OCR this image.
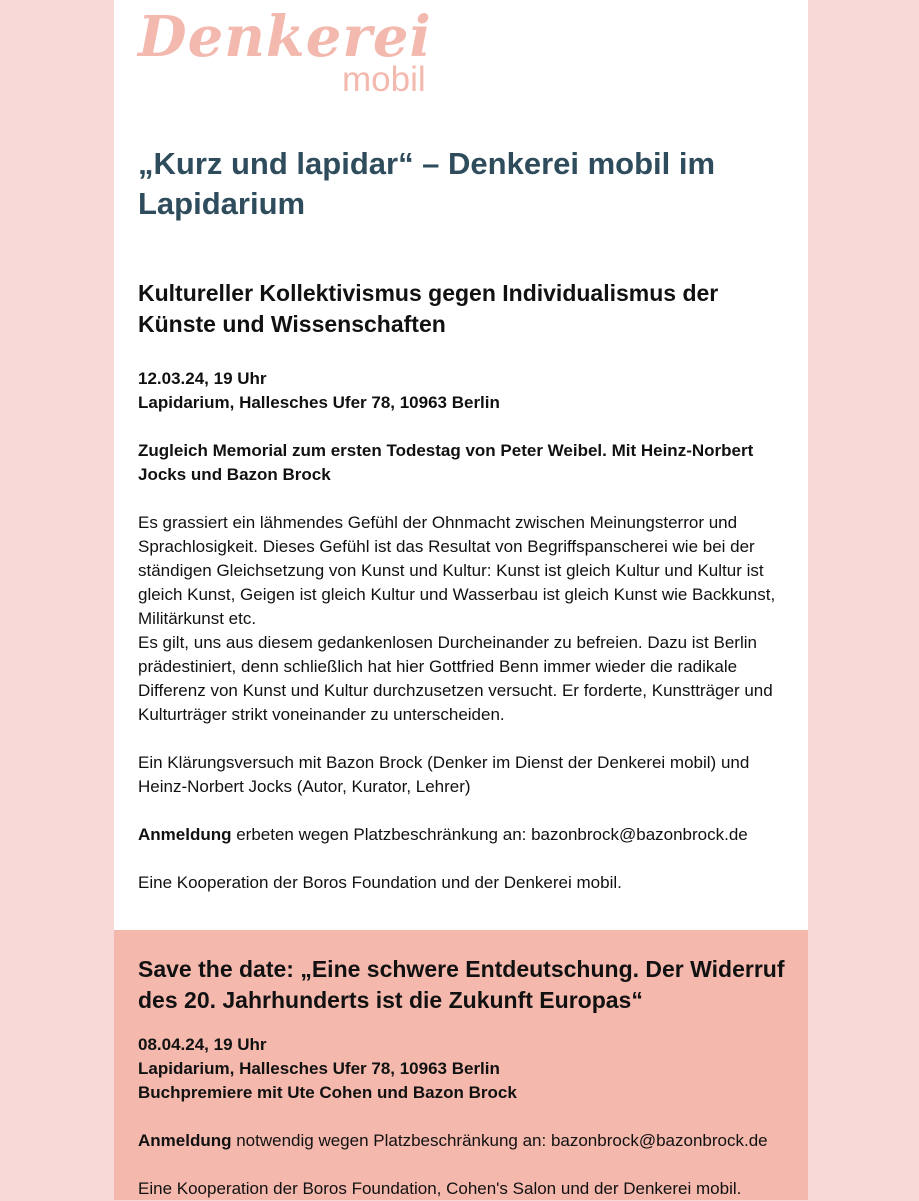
Denkerei
mobil
„Kurz und lapidar“ – Denkerei mobil im Lapidarium
Kultureller Kollektivismus gegen Individualismus der Künste und Wissenschaften

12.03.24, 19 Uhr

Lapidarium, Hallesches Ufer 78, 10963 Berlin

Zugleich Memorial zum ersten Todestag von Peter Weibel. Mit Heinz-Norbert Jocks und Bazon Brock

Es grassiert ein lähmendes Gefühl der Ohnmacht zwischen Meinungsterror und Sprachlosigkeit. Dieses Gefühl ist das Resultat von Begriffspanscherei wie bei der ständigen Gleichsetzung von Kunst und Kultur: Kunst ist gleich Kultur und Kultur ist gleich Kunst, Geigen ist gleich Kultur und Wasserbau ist gleich Kunst wie Backkunst, Militärkunst etc.

Es gilt, uns aus diesem gedankenlosen Durcheinander zu befreien. Dazu ist Berlin prädestiniert, denn schließlich hat hier Gottfried Benn immer wieder die radikale Differenz von Kunst und Kultur durchzusetzen versucht. Er forderte, Kunstträger und Kulturträger strikt voneinander zu unterscheiden.

Ein Klärungsversuch mit Bazon Brock (Denker im Dienst der Denkerei mobil) und Heinz-Norbert Jocks (Autor, Kurator, Lehrer)

Anmeldung erbeten wegen Platzbeschränkung an: bazonbrock@bazonbrock.de

Eine Kooperation der Boros Foundation und der Denkerei mobil.

Save the date: „Eine schwere Entdeutschung. Der Widerruf des 20. Jahrhunderts ist die Zukunft Europas“

08.04.24, 19 Uhr

Lapidarium, Hallesches Ufer 78, 10963 Berlin

Buchpremiere mit Ute Cohen und Bazon Brock

Anmeldung notwendig wegen Platzbeschränkung an: bazonbrock@bazonbrock.de

Eine Kooperation der Boros Foundation, Cohen's Salon und der Denkerei mobil.
